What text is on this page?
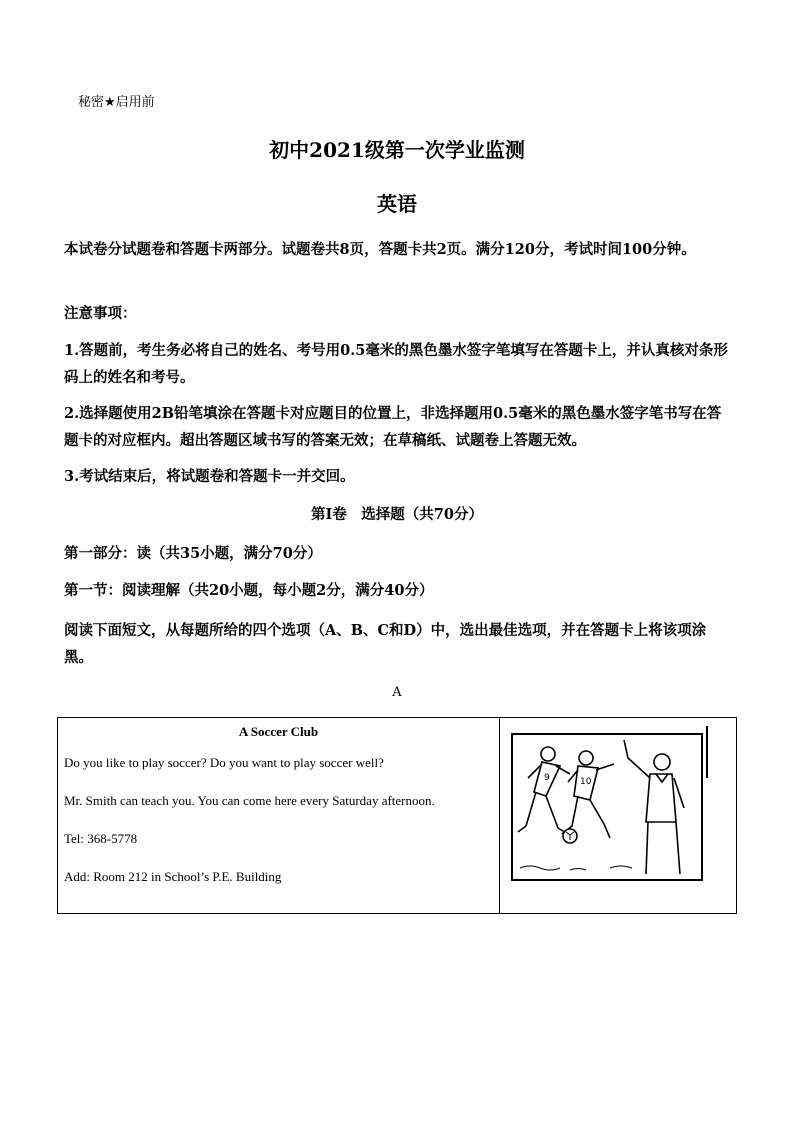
秘密★启用前

初中2021级第一次学业监测
英语

本试卷分试题卷和答题卡两部分。试题卷共8页，答题卡共2页。满分120分，考试时间100分钟。

注意事项：

1.答题前，考生务必将自己的姓名、考号用0.5毫米的黑色墨水签字笔填写在答题卡上，并认真核对条形码上的姓名和考号。

2.选择题使用2B铅笔填涂在答题卡对应题目的位置上，非选择题用0.5毫米的黑色墨水签字笔书写在答题卡的对应框内。超出答题区域书写的答案无效；在草稿纸、试题卷上答题无效。

3.考试结束后，将试题卷和答题卡一并交回。

第Ⅰ卷　选择题（共70分）

第一部分：读（共35小题，满分70分）

第一节：阅读理解（共20小题，每小题2分，满分40分）

阅读下面短文，从每题所给的四个选项（A、B、C和D）中，选出最佳选项，并在答题卡上将该项涂黑。

A

A Soccer Club

Do you like to play soccer? Do you want to play soccer well?

Mr. Smith can teach you. You can come here every Saturday afternoon.

Tel: 368-5778

Add: Room 212 in School’s P.E. Building

9	10
